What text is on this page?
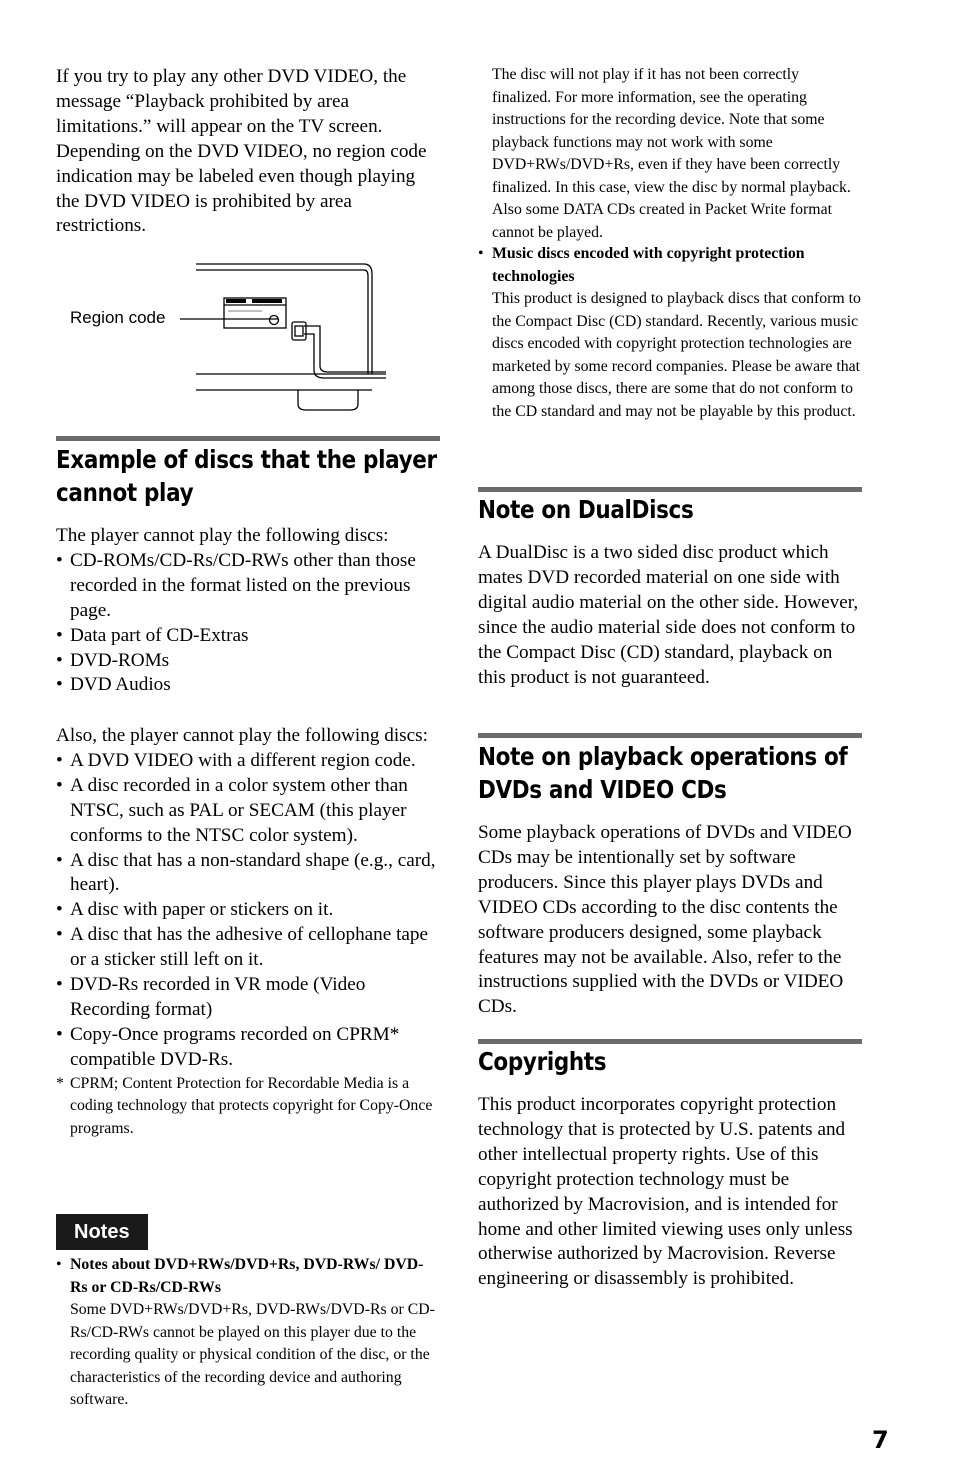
If you try to play any other DVD VIDEO, the message “Playback prohibited by area limitations.” will appear on the TV screen. Depending on the DVD VIDEO, no region code indication may be labeled even though playing the DVD VIDEO is prohibited by area restrictions.

Region code
Example of discs that the player
cannot play

The player cannot play the following discs:

• CD-ROMs/CD-Rs/CD-RWs other than those recorded in the format listed on the previous page.
• Data part of CD-Extras
• DVD-ROMs
• DVD Audios

Also, the player cannot play the following discs:

• A DVD VIDEO with a different region code.
• A disc recorded in a color system other than NTSC, such as PAL or SECAM (this player conforms to the NTSC color system).
• A disc that has a non-standard shape (e.g., card, heart).
• A disc with paper or stickers on it.
• A disc that has the adhesive of cellophane tape or a sticker still left on it.
• DVD-Rs recorded in VR mode (Video Recording format)
• Copy-Once programs recorded on CPRM* compatible DVD-Rs.
* CPRM; Content Protection for Recordable Media is a coding technology that protects copyright for Copy-Once programs.
Notes
• Notes about DVD+RWs/DVD+Rs, DVD-RWs/ DVD-Rs or CD-Rs/CD-RWs
Some DVD+RWs/DVD+Rs, DVD-RWs/DVD-Rs or CD-Rs/CD-RWs cannot be played on this player due to the recording quality or physical condition of the disc, or the characteristics of the recording device and authoring software.
The disc will not play if it has not been correctly finalized. For more information, see the operating instructions for the recording device. Note that some playback functions may not work with some DVD+RWs/DVD+Rs, even if they have been correctly finalized. In this case, view the disc by normal playback. Also some DATA CDs created in Packet Write format cannot be played.
• Music discs encoded with copyright protection technologies
This product is designed to playback discs that conform to the Compact Disc (CD) standard. Recently, various music discs encoded with copyright protection technologies are marketed by some record companies. Please be aware that among those discs, there are some that do not conform to the CD standard and may not be playable by this product.
Note on DualDiscs

A DualDisc is a two sided disc product which mates DVD recorded material on one side with digital audio material on the other side. However, since the audio material side does not conform to the Compact Disc (CD) standard, playback on this product is not guaranteed.

Note on playback operations of
DVDs and VIDEO CDs

Some playback operations of DVDs and VIDEO CDs may be intentionally set by software producers. Since this player plays DVDs and VIDEO CDs according to the disc contents the software producers designed, some playback features may not be available. Also, refer to the instructions supplied with the DVDs or VIDEO CDs.

Copyrights

This product incorporates copyright protection technology that is protected by U.S. patents and other intellectual property rights. Use of this copyright protection technology must be authorized by Macrovision, and is intended for home and other limited viewing uses only unless otherwise authorized by Macrovision. Reverse engineering or disassembly is prohibited.

7
